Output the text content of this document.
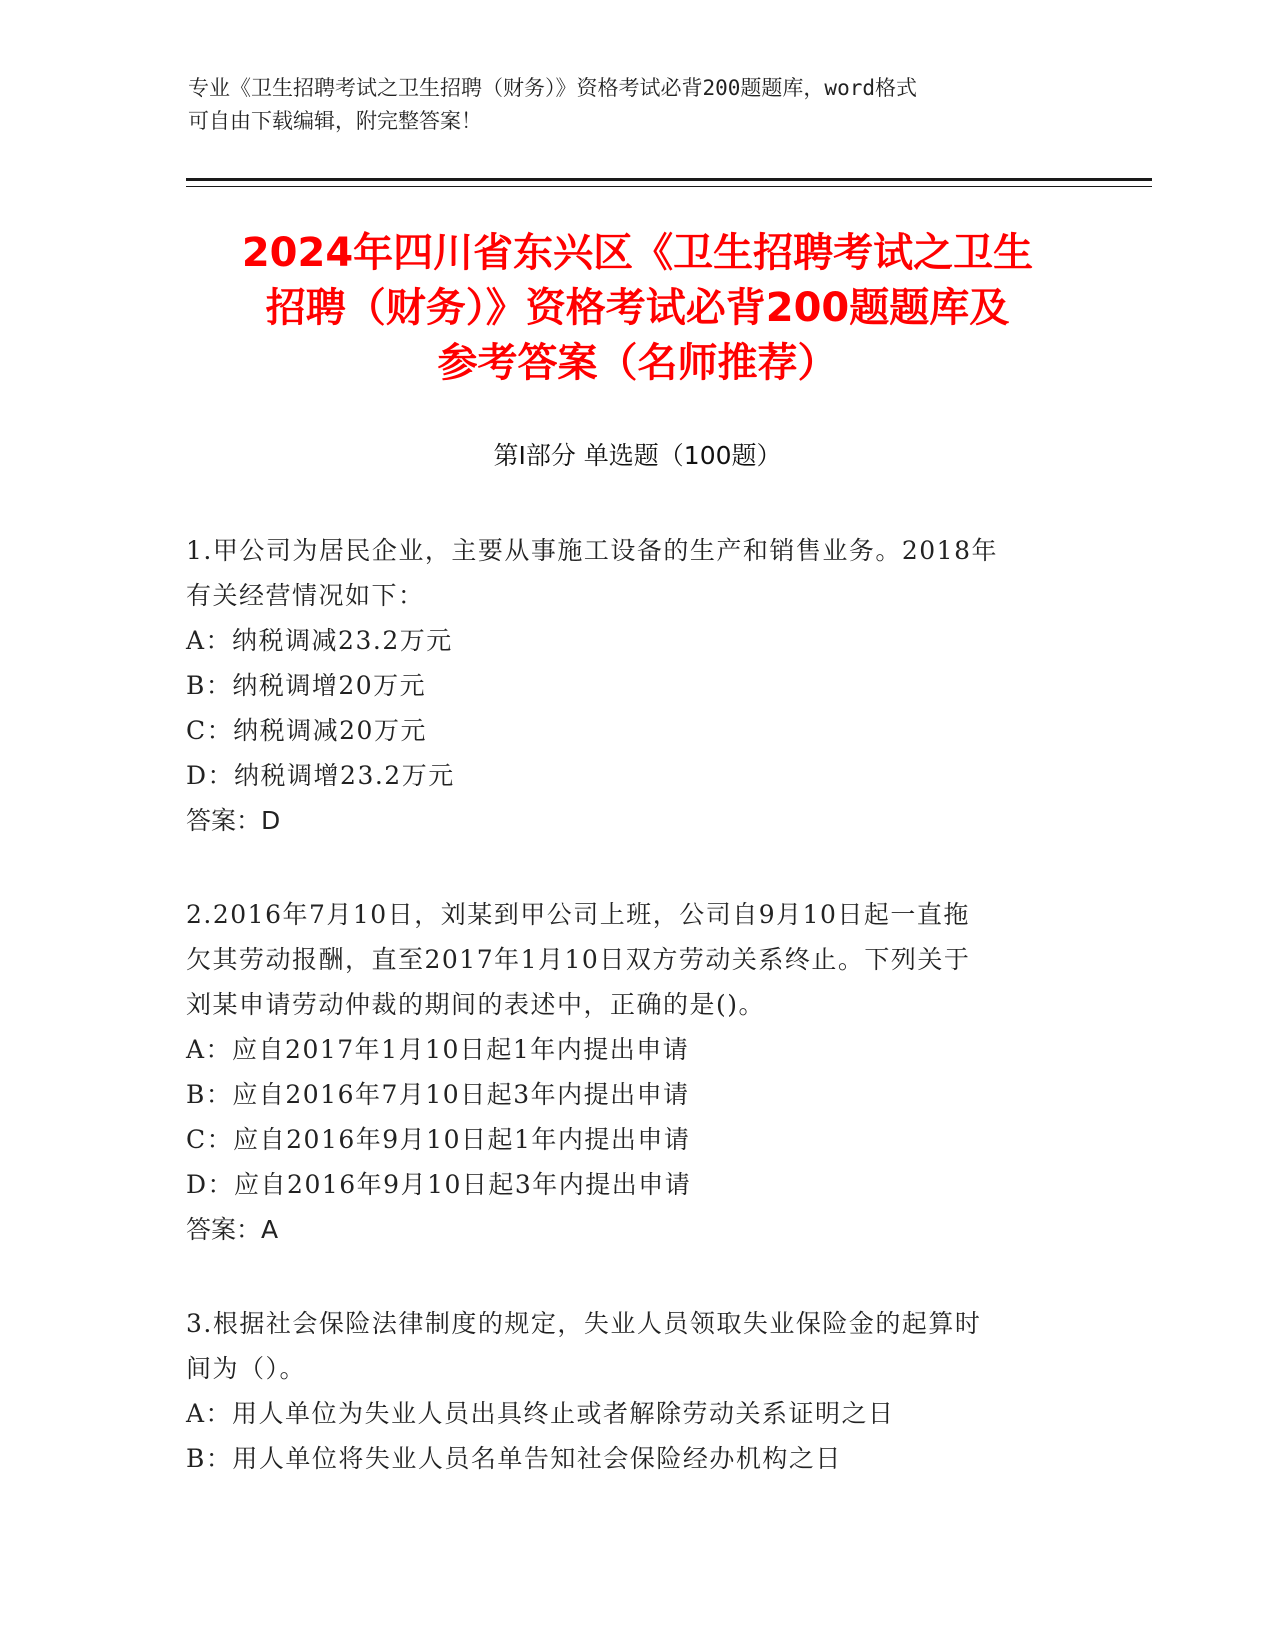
专业《卫生招聘考试之卫生招聘（财务）》资格考试必背200题题库，word格式
可自由下载编辑，附完整答案！
2024年四川省东兴区《卫生招聘考试之卫生
招聘（财务）》资格考试必背200题题库及
参考答案（名师推荐）
第Ⅰ部分 单选题（100题）
1.甲公司为居民企业，主要从事施工设备的生产和销售业务。2018年
有关经营情况如下：
A：纳税调减23.2万元
B：纳税调增20万元
C：纳税调减20万元
D：纳税调增23.2万元
答案：D
2.2016年7月10日，刘某到甲公司上班，公司自9月10日起一直拖
欠其劳动报酬，直至2017年1月10日双方劳动关系终止。下列关于
刘某申请劳动仲裁的期间的表述中，正确的是()。
A：应自2017年1月10日起1年内提出申请
B：应自2016年7月10日起3年内提出申请
C：应自2016年9月10日起1年内提出申请
D：应自2016年9月10日起3年内提出申请
答案：A
3.根据社会保险法律制度的规定，失业人员领取失业保险金的起算时
间为（）。
A：用人单位为失业人员出具终止或者解除劳动关系证明之日
B：用人单位将失业人员名单告知社会保险经办机构之日
